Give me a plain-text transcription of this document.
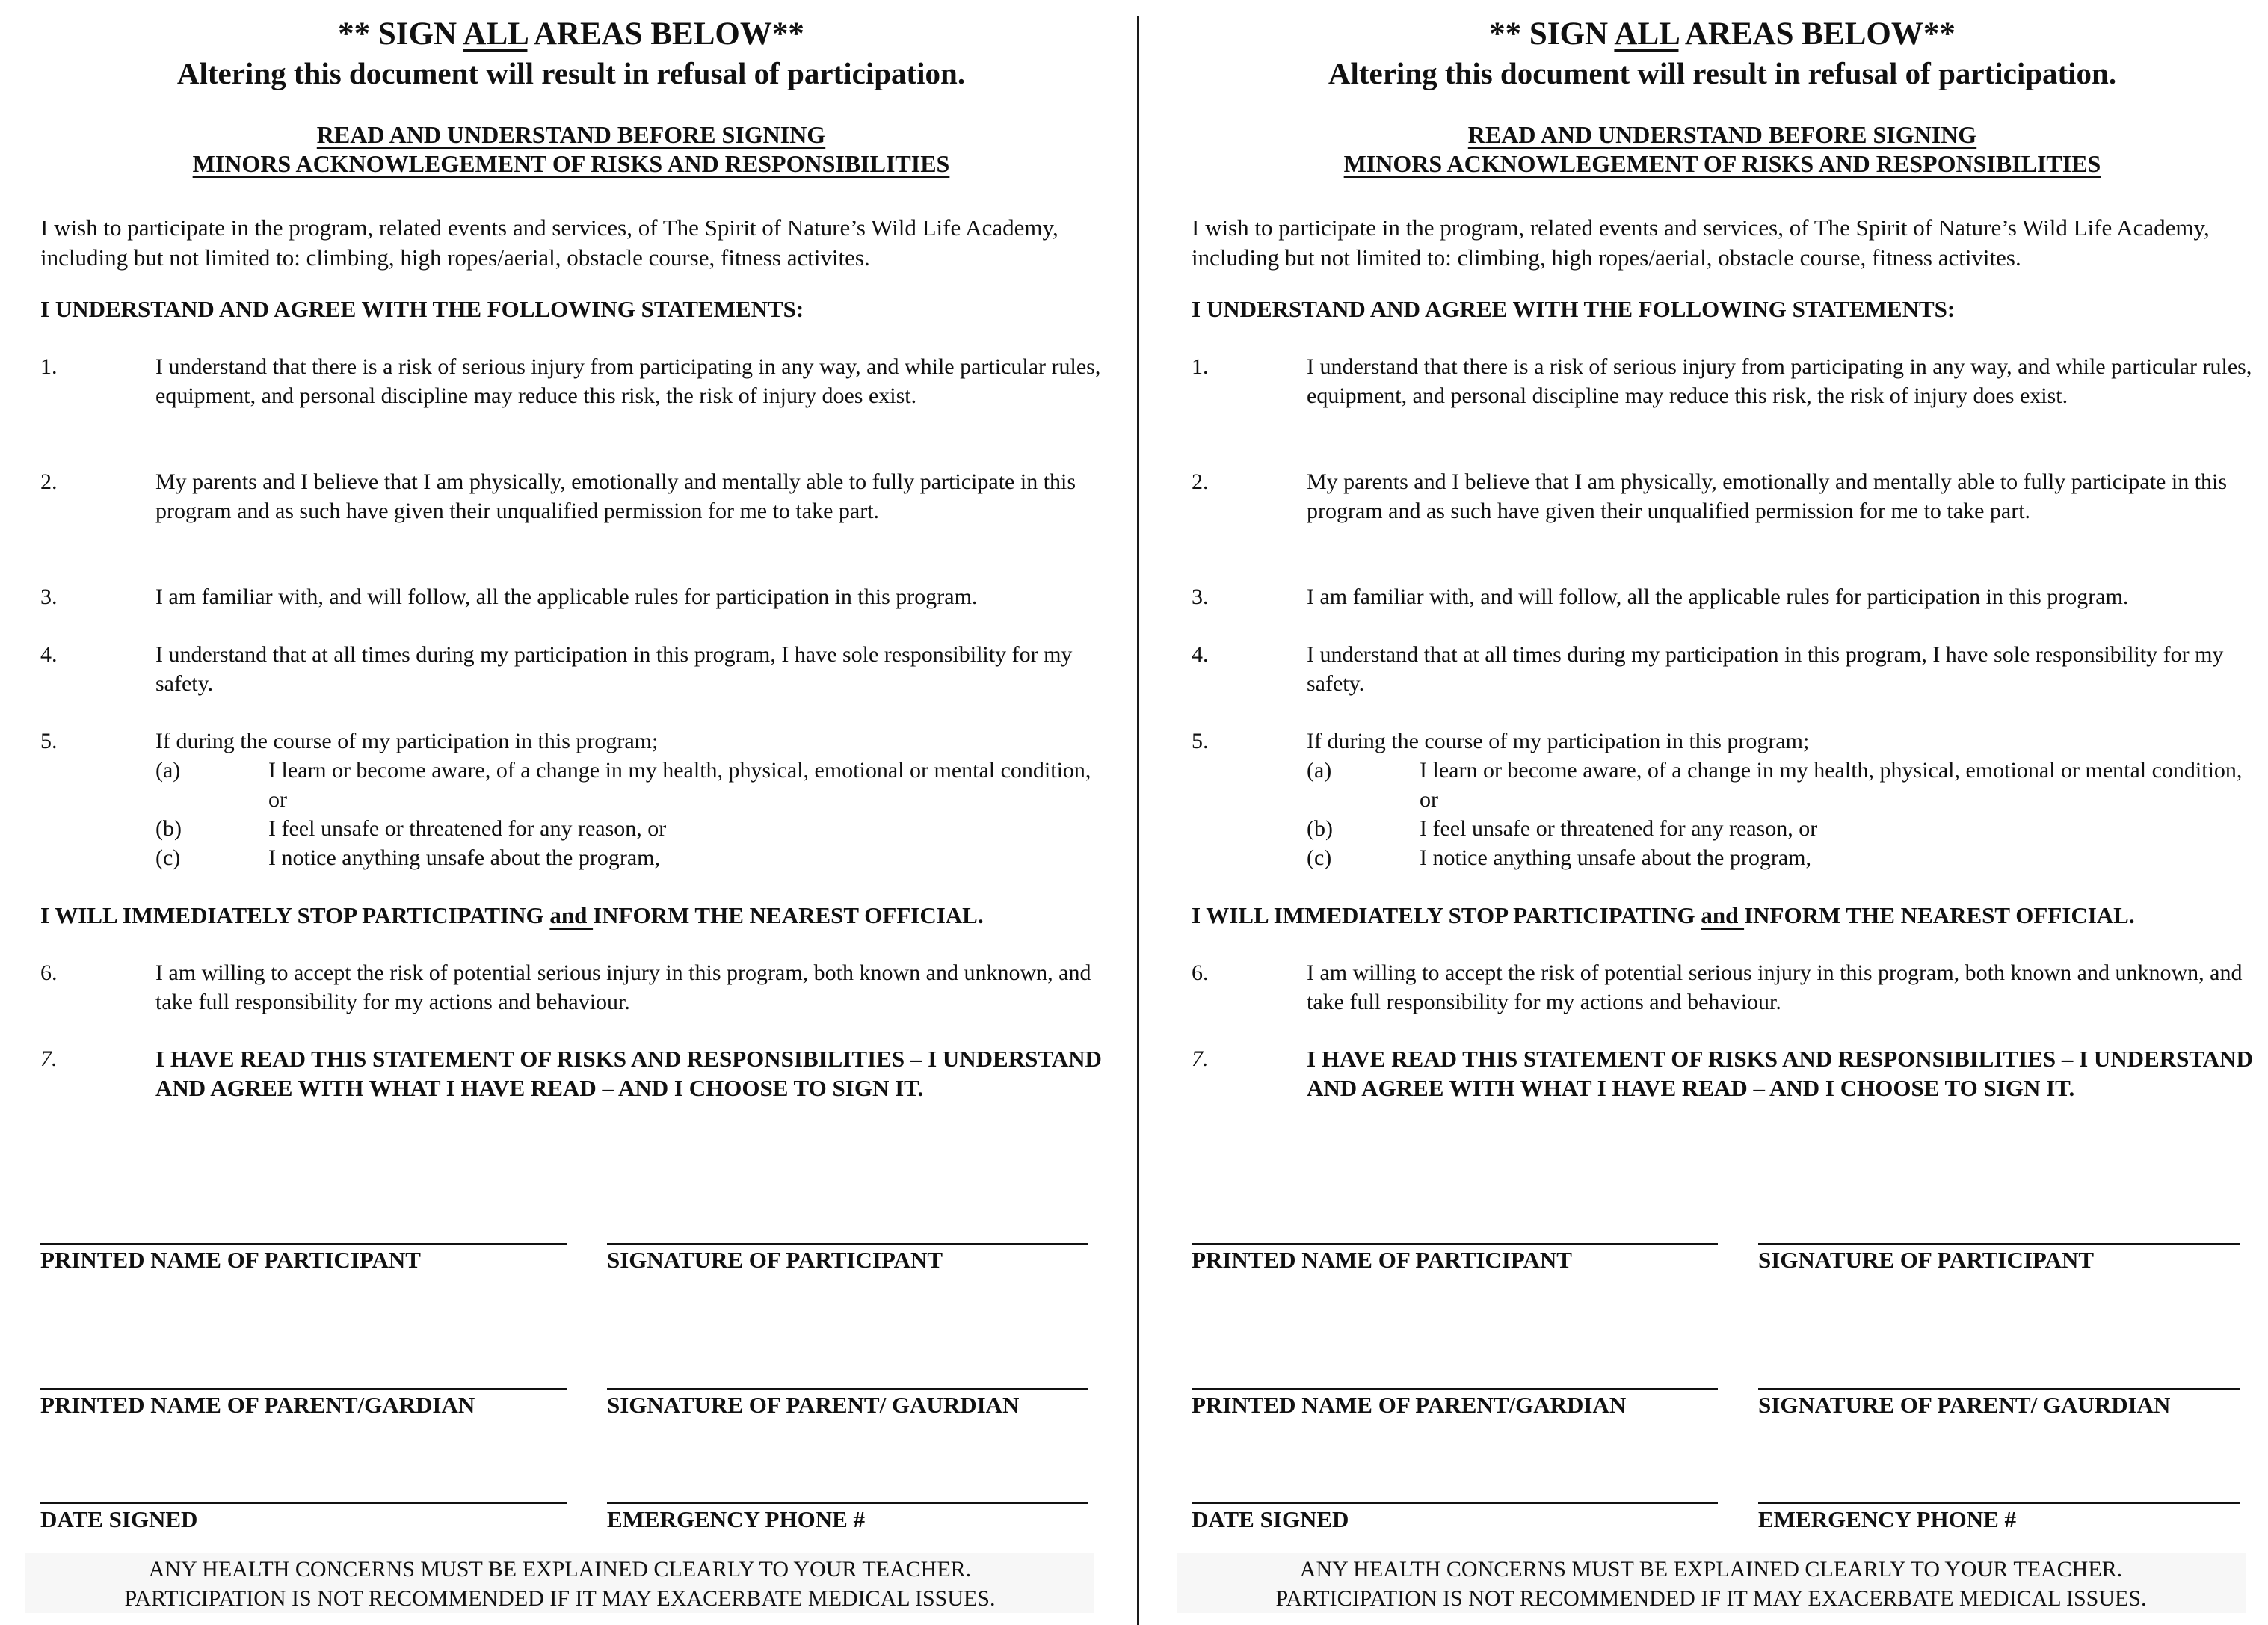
** SIGN ALL AREAS BELOW**
Altering this document will result in refusal of participation.
READ AND UNDERSTAND BEFORE SIGNING
MINORS ACKNOWLEGEMENT OF RISKS AND RESPONSIBILITIES
I wish to participate in the program, related events and services, of The Spirit of Nature’s Wild Life Academy, including but not limited to: climbing, high ropes/aerial, obstacle course, fitness activites.
I UNDERSTAND AND AGREE WITH THE FOLLOWING STATEMENTS:
1.	I understand that there is a risk of serious injury from participating in any way, and while particular rules, equipment, and personal discipline may reduce this risk, the risk of injury does exist.
2.	My parents and I believe that I am physically, emotionally and mentally able to fully participate in this program and as such have given their unqualified permission for me to take part.
3.	I am familiar with, and will follow, all the applicable rules for participation in this program.
4.	I understand that at all times during my participation in this program, I have sole responsibility for my safety.
5.	If during the course of my participation in this program;
(a)	I learn or become aware, of a change in my health, physical, emotional or mental condition, or
(b)	I feel unsafe or threatened for any reason, or
(c)	I notice anything unsafe about the program,
I WILL IMMEDIATELY STOP PARTICIPATING and INFORM THE NEAREST OFFICIAL.
6.	I am willing to accept the risk of potential serious injury in this program, both known and unknown, and take full responsibility for my actions and behaviour.
7.	I HAVE READ THIS STATEMENT OF RISKS AND RESPONSIBILITIES – I UNDERSTAND AND AGREE WITH WHAT I HAVE READ – AND I CHOOSE TO SIGN IT.
PRINTED NAME OF PARTICIPANT	SIGNATURE OF PARTICIPANT
PRINTED NAME OF PARENT/GARDIAN	SIGNATURE OF PARENT/ GAURDIAN
DATE SIGNED	EMERGENCY PHONE #
ANY HEALTH CONCERNS MUST BE EXPLAINED CLEARLY TO YOUR TEACHER.
PARTICIPATION IS NOT RECOMMENDED IF IT MAY EXACERBATE MEDICAL ISSUES.
** SIGN ALL AREAS BELOW**
Altering this document will result in refusal of participation.
READ AND UNDERSTAND BEFORE SIGNING
MINORS ACKNOWLEGEMENT OF RISKS AND RESPONSIBILITIES
I wish to participate in the program, related events and services, of The Spirit of Nature’s Wild Life Academy, including but not limited to: climbing, high ropes/aerial, obstacle course, fitness activites.
I UNDERSTAND AND AGREE WITH THE FOLLOWING STATEMENTS:
1.	I understand that there is a risk of serious injury from participating in any way, and while particular rules, equipment, and personal discipline may reduce this risk, the risk of injury does exist.
2.	My parents and I believe that I am physically, emotionally and mentally able to fully participate in this program and as such have given their unqualified permission for me to take part.
3.	I am familiar with, and will follow, all the applicable rules for participation in this program.
4.	I understand that at all times during my participation in this program, I have sole responsibility for my safety.
5.	If during the course of my participation in this program;
(a)	I learn or become aware, of a change in my health, physical, emotional or mental condition, or
(b)	I feel unsafe or threatened for any reason, or
(c)	I notice anything unsafe about the program,
I WILL IMMEDIATELY STOP PARTICIPATING and INFORM THE NEAREST OFFICIAL.
6.	I am willing to accept the risk of potential serious injury in this program, both known and unknown, and take full responsibility for my actions and behaviour.
7.	I HAVE READ THIS STATEMENT OF RISKS AND RESPONSIBILITIES – I UNDERSTAND AND AGREE WITH WHAT I HAVE READ – AND I CHOOSE TO SIGN IT.
PRINTED NAME OF PARTICIPANT	SIGNATURE OF PARTICIPANT
PRINTED NAME OF PARENT/GARDIAN	SIGNATURE OF PARENT/ GAURDIAN
DATE SIGNED	EMERGENCY PHONE #
ANY HEALTH CONCERNS MUST BE EXPLAINED CLEARLY TO YOUR TEACHER.
PARTICIPATION IS NOT RECOMMENDED IF IT MAY EXACERBATE MEDICAL ISSUES.
